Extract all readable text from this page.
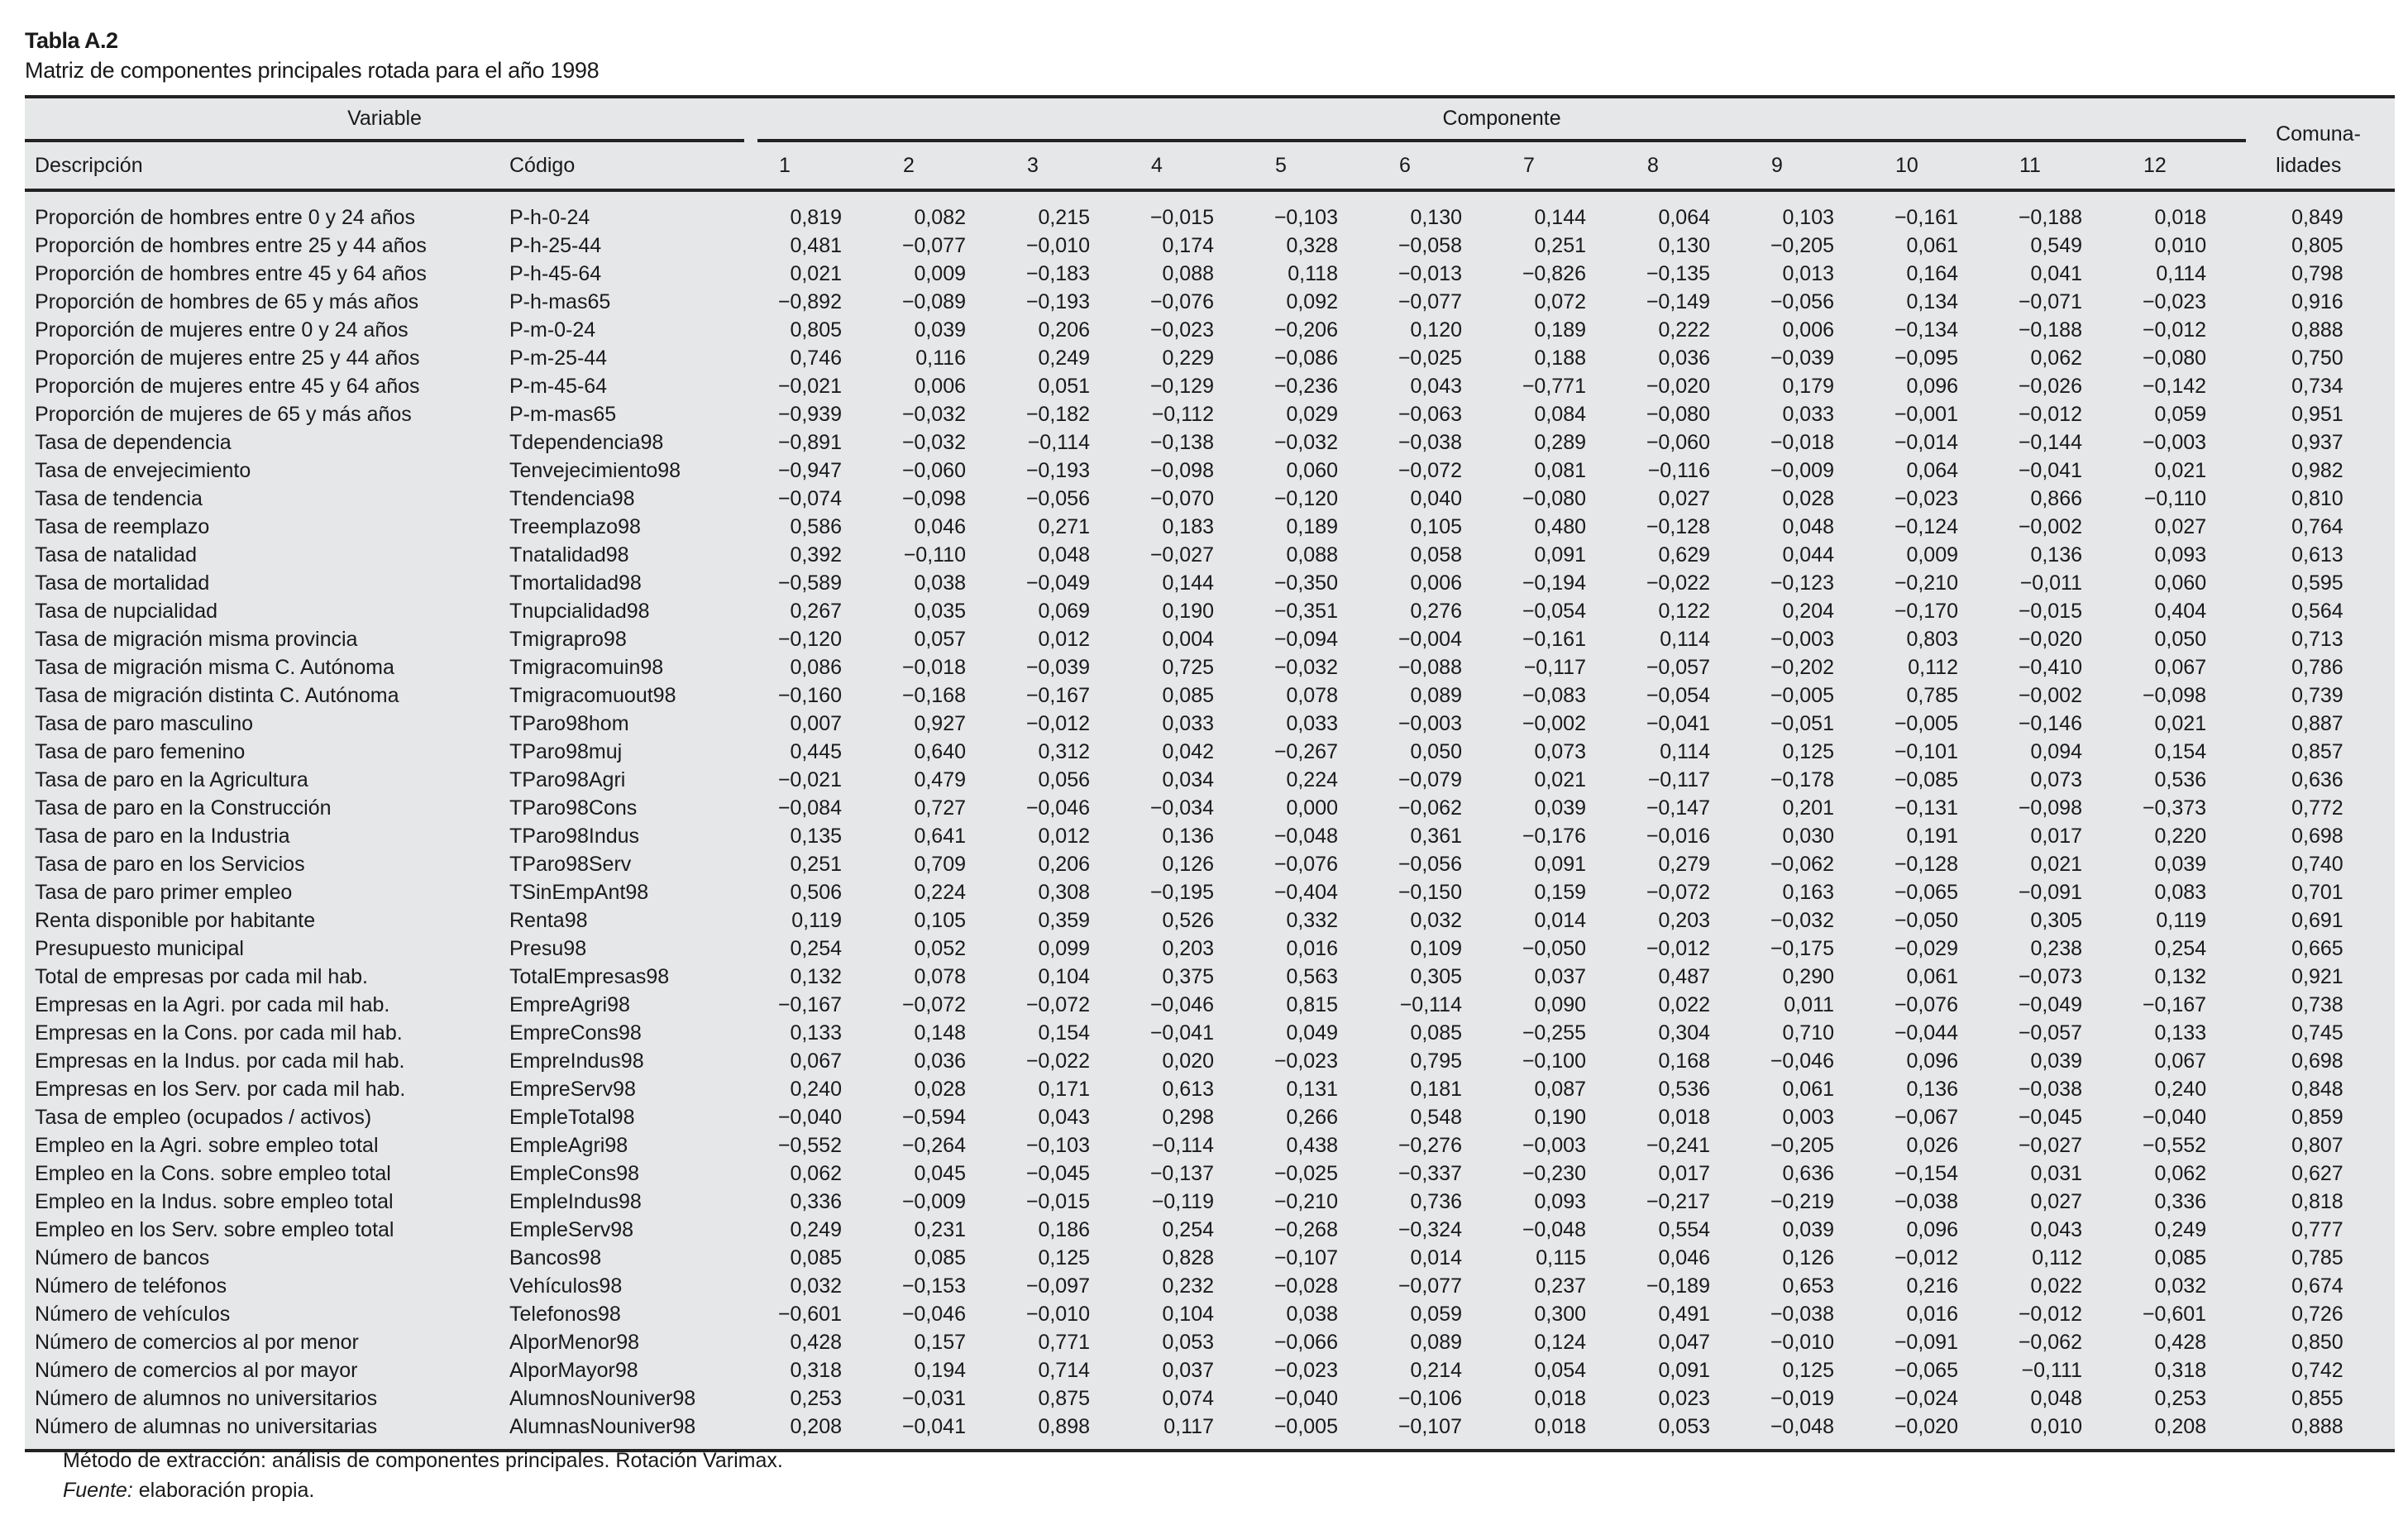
Tabla A.2
Matriz de componentes principales rotada para el año 1998
Variable		Componente												Comuna-
lidades

Descripción	Código	1	2	3	4	5	6	7	8	9	10	11	12	
Proporción de hombres entre 0 y 24 años	P-h-0-24	0,819	0,082	0,215	−0,015	−0,103	0,130	0,144	0,064	0,103	−0,161	−0,188	0,018	0,849
Proporción de hombres entre 25 y 44 años	P-h-25-44	0,481	−0,077	−0,010	0,174	0,328	−0,058	0,251	0,130	−0,205	0,061	0,549	0,010	0,805
Proporción de hombres entre 45 y 64 años	P-h-45-64	0,021	0,009	−0,183	0,088	0,118	−0,013	−0,826	−0,135	0,013	0,164	0,041	0,114	0,798
Proporción de hombres de 65 y más años	P-h-mas65	−0,892	−0,089	−0,193	−0,076	0,092	−0,077	0,072	−0,149	−0,056	0,134	−0,071	−0,023	0,916
Proporción de mujeres entre 0 y 24 años	P-m-0-24	0,805	0,039	0,206	−0,023	−0,206	0,120	0,189	0,222	0,006	−0,134	−0,188	−0,012	0,888
Proporción de mujeres entre 25 y 44 años	P-m-25-44	0,746	0,116	0,249	0,229	−0,086	−0,025	0,188	0,036	−0,039	−0,095	0,062	−0,080	0,750
Proporción de mujeres entre 45 y 64 años	P-m-45-64	−0,021	0,006	0,051	−0,129	−0,236	0,043	−0,771	−0,020	0,179	0,096	−0,026	−0,142	0,734
Proporción de mujeres de 65 y más años	P-m-mas65	−0,939	−0,032	−0,182	−0,112	0,029	−0,063	0,084	−0,080	0,033	−0,001	−0,012	0,059	0,951
Tasa de dependencia	Tdependencia98	−0,891	−0,032	−0,114	−0,138	−0,032	−0,038	0,289	−0,060	−0,018	−0,014	−0,144	−0,003	0,937
Tasa de envejecimiento	Tenvejecimiento98	−0,947	−0,060	−0,193	−0,098	0,060	−0,072	0,081	−0,116	−0,009	0,064	−0,041	0,021	0,982
Tasa de tendencia	Ttendencia98	−0,074	−0,098	−0,056	−0,070	−0,120	0,040	−0,080	0,027	0,028	−0,023	0,866	−0,110	0,810
Tasa de reemplazo	Treemplazo98	0,586	0,046	0,271	0,183	0,189	0,105	0,480	−0,128	0,048	−0,124	−0,002	0,027	0,764
Tasa de natalidad	Tnatalidad98	0,392	−0,110	0,048	−0,027	0,088	0,058	0,091	0,629	0,044	0,009	0,136	0,093	0,613
Tasa de mortalidad	Tmortalidad98	−0,589	0,038	−0,049	0,144	−0,350	0,006	−0,194	−0,022	−0,123	−0,210	−0,011	0,060	0,595
Tasa de nupcialidad	Tnupcialidad98	0,267	0,035	0,069	0,190	−0,351	0,276	−0,054	0,122	0,204	−0,170	−0,015	0,404	0,564
Tasa de migración misma provincia	Tmigrapro98	−0,120	0,057	0,012	0,004	−0,094	−0,004	−0,161	0,114	−0,003	0,803	−0,020	0,050	0,713
Tasa de migración misma C. Autónoma	Tmigracomuin98	0,086	−0,018	−0,039	0,725	−0,032	−0,088	−0,117	−0,057	−0,202	0,112	−0,410	0,067	0,786
Tasa de migración distinta C. Autónoma	Tmigracomuout98	−0,160	−0,168	−0,167	0,085	0,078	0,089	−0,083	−0,054	−0,005	0,785	−0,002	−0,098	0,739
Tasa de paro masculino	TParo98hom	0,007	0,927	−0,012	0,033	0,033	−0,003	−0,002	−0,041	−0,051	−0,005	−0,146	0,021	0,887
Tasa de paro femenino	TParo98muj	0,445	0,640	0,312	0,042	−0,267	0,050	0,073	0,114	0,125	−0,101	0,094	0,154	0,857
Tasa de paro en la Agricultura	TParo98Agri	−0,021	0,479	0,056	0,034	0,224	−0,079	0,021	−0,117	−0,178	−0,085	0,073	0,536	0,636
Tasa de paro en la Construcción	TParo98Cons	−0,084	0,727	−0,046	−0,034	0,000	−0,062	0,039	−0,147	0,201	−0,131	−0,098	−0,373	0,772
Tasa de paro en la Industria	TParo98Indus	0,135	0,641	0,012	0,136	−0,048	0,361	−0,176	−0,016	0,030	0,191	0,017	0,220	0,698
Tasa de paro en los Servicios	TParo98Serv	0,251	0,709	0,206	0,126	−0,076	−0,056	0,091	0,279	−0,062	−0,128	0,021	0,039	0,740
Tasa de paro primer empleo	TSinEmpAnt98	0,506	0,224	0,308	−0,195	−0,404	−0,150	0,159	−0,072	0,163	−0,065	−0,091	0,083	0,701
Renta disponible por habitante	Renta98	0,119	0,105	0,359	0,526	0,332	0,032	0,014	0,203	−0,032	−0,050	0,305	0,119	0,691
Presupuesto municipal	Presu98	0,254	0,052	0,099	0,203	0,016	0,109	−0,050	−0,012	−0,175	−0,029	0,238	0,254	0,665
Total de empresas por cada mil hab.	TotalEmpresas98	0,132	0,078	0,104	0,375	0,563	0,305	0,037	0,487	0,290	0,061	−0,073	0,132	0,921
Empresas en la Agri. por cada mil hab.	EmpreAgri98	−0,167	−0,072	−0,072	−0,046	0,815	−0,114	0,090	0,022	0,011	−0,076	−0,049	−0,167	0,738
Empresas en la Cons. por cada mil hab.	EmpreCons98	0,133	0,148	0,154	−0,041	0,049	0,085	−0,255	0,304	0,710	−0,044	−0,057	0,133	0,745
Empresas en la Indus. por cada mil hab.	EmpreIndus98	0,067	0,036	−0,022	0,020	−0,023	0,795	−0,100	0,168	−0,046	0,096	0,039	0,067	0,698
Empresas en los Serv. por cada mil hab.	EmpreServ98	0,240	0,028	0,171	0,613	0,131	0,181	0,087	0,536	0,061	0,136	−0,038	0,240	0,848
Tasa de empleo (ocupados / activos)	EmpleTotal98	−0,040	−0,594	0,043	0,298	0,266	0,548	0,190	0,018	0,003	−0,067	−0,045	−0,040	0,859
Empleo en la Agri. sobre empleo total	EmpleAgri98	−0,552	−0,264	−0,103	−0,114	0,438	−0,276	−0,003	−0,241	−0,205	0,026	−0,027	−0,552	0,807
Empleo en la Cons. sobre empleo total	EmpleCons98	0,062	0,045	−0,045	−0,137	−0,025	−0,337	−0,230	0,017	0,636	−0,154	0,031	0,062	0,627
Empleo en la Indus. sobre empleo total	EmpleIndus98	0,336	−0,009	−0,015	−0,119	−0,210	0,736	0,093	−0,217	−0,219	−0,038	0,027	0,336	0,818
Empleo en los Serv. sobre empleo total	EmpleServ98	0,249	0,231	0,186	0,254	−0,268	−0,324	−0,048	0,554	0,039	0,096	0,043	0,249	0,777
Número de bancos	Bancos98	0,085	0,085	0,125	0,828	−0,107	0,014	0,115	0,046	0,126	−0,012	0,112	0,085	0,785
Número de teléfonos	Vehículos98	0,032	−0,153	−0,097	0,232	−0,028	−0,077	0,237	−0,189	0,653	0,216	0,022	0,032	0,674
Número de vehículos	Telefonos98	−0,601	−0,046	−0,010	0,104	0,038	0,059	0,300	0,491	−0,038	0,016	−0,012	−0,601	0,726
Número de comercios al por menor	AlporMenor98	0,428	0,157	0,771	0,053	−0,066	0,089	0,124	0,047	−0,010	−0,091	−0,062	0,428	0,850
Número de comercios al por mayor	AlporMayor98	0,318	0,194	0,714	0,037	−0,023	0,214	0,054	0,091	0,125	−0,065	−0,111	0,318	0,742
Número de alumnos no universitarios	AlumnosNouniver98	0,253	−0,031	0,875	0,074	−0,040	−0,106	0,018	0,023	−0,019	−0,024	0,048	0,253	0,855
Número de alumnas no universitarias	AlumnasNouniver98	0,208	−0,041	0,898	0,117	−0,005	−0,107	0,018	0,053	−0,048	−0,020	0,010	0,208	0,888
Método de extracción: análisis de componentes principales. Rotación Varimax.
Fuente: elaboración propia.
